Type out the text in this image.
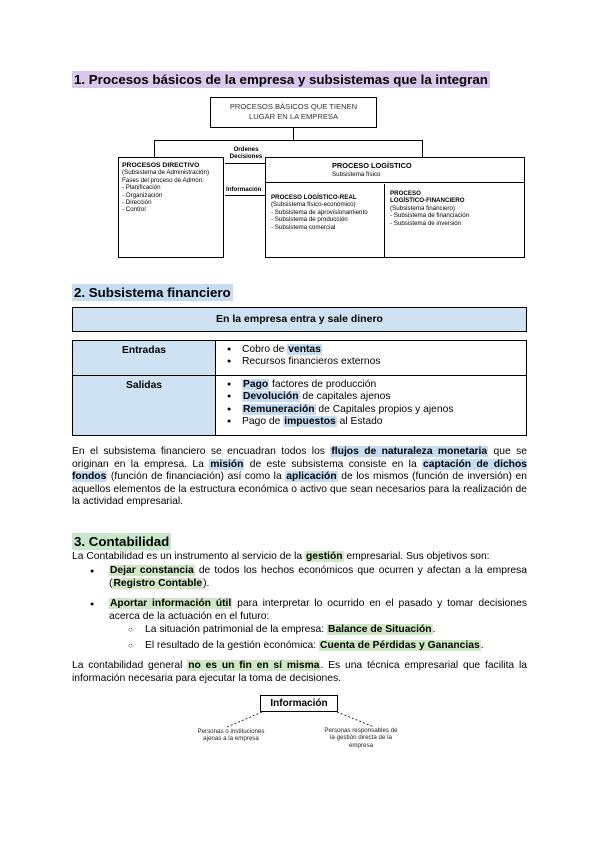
1. Procesos básicos de la empresa y subsistemas que la integran
PROCESOS BÁSICOS QUE TIENEN
LUGAR EN LA EMPRESA
PROCESOS DIRECTIVO
(Subsistema de Administración)
Fases del proceso de Admón:
- Planificación
- Organización
- Dirección
- Control
Ordenes
Decisiones
Información
PROCESO LOGÍSTICO
Subsistema físico
PROCESO LOGÍSTICO-REAL
(Subsistema físico-económico)
- Subsistema de aprovisionamiento
- Subsistema de producción
- Subsistema comercial
PROCESO
LOGÍSTICO-FINANCIERO
(Subsistema financiero)
- Subsistema de financiación
- Subsistema de inversión
2. Subsistema financiero
En la empresa entra y sale dinero
Entradas	● Cobro de ventas
● Recursos financieros externos
Salidas	● Pago factores de producción
● Devolución de capitales ajenos
● Remuneración de Capitales propios y ajenos
● Pago de impuestos al Estado
En el subsistema financiero se encuadran todos los flujos de naturaleza monetaria que se originan en la empresa. La misión de este subsistema consiste en la captación de dichos fondos (función de financiación) así como la aplicación de los mismos (función de inversión) en aquellos elementos de la estructura económica o activo que sean necesarios para la realización de la actividad empresarial.
3. Contabilidad
La Contabilidad es un instrumento al servicio de la gestión empresarial. Sus objetivos son:
● Dejar constancia de todos los hechos económicos que ocurren y afectan a la empresa (Registro Contable).
● Aportar información útil para interpretar lo ocurrido en el pasado y tomar decisiones acerca de la actuación en el futuro:
○ La situación patrimonial de la empresa: Balance de Situación.
○ El resultado de la gestión económica: Cuenta de Pérdidas y Ganancias.
La contabilidad general no es un fin en sí misma. Es una técnica empresarial que facilita la información necesaria para ejecutar la toma de decisiones.
Información
Personas o instituciones
ajenas a la empresa
Personas responsables de
la gestión directa de la
empresa
